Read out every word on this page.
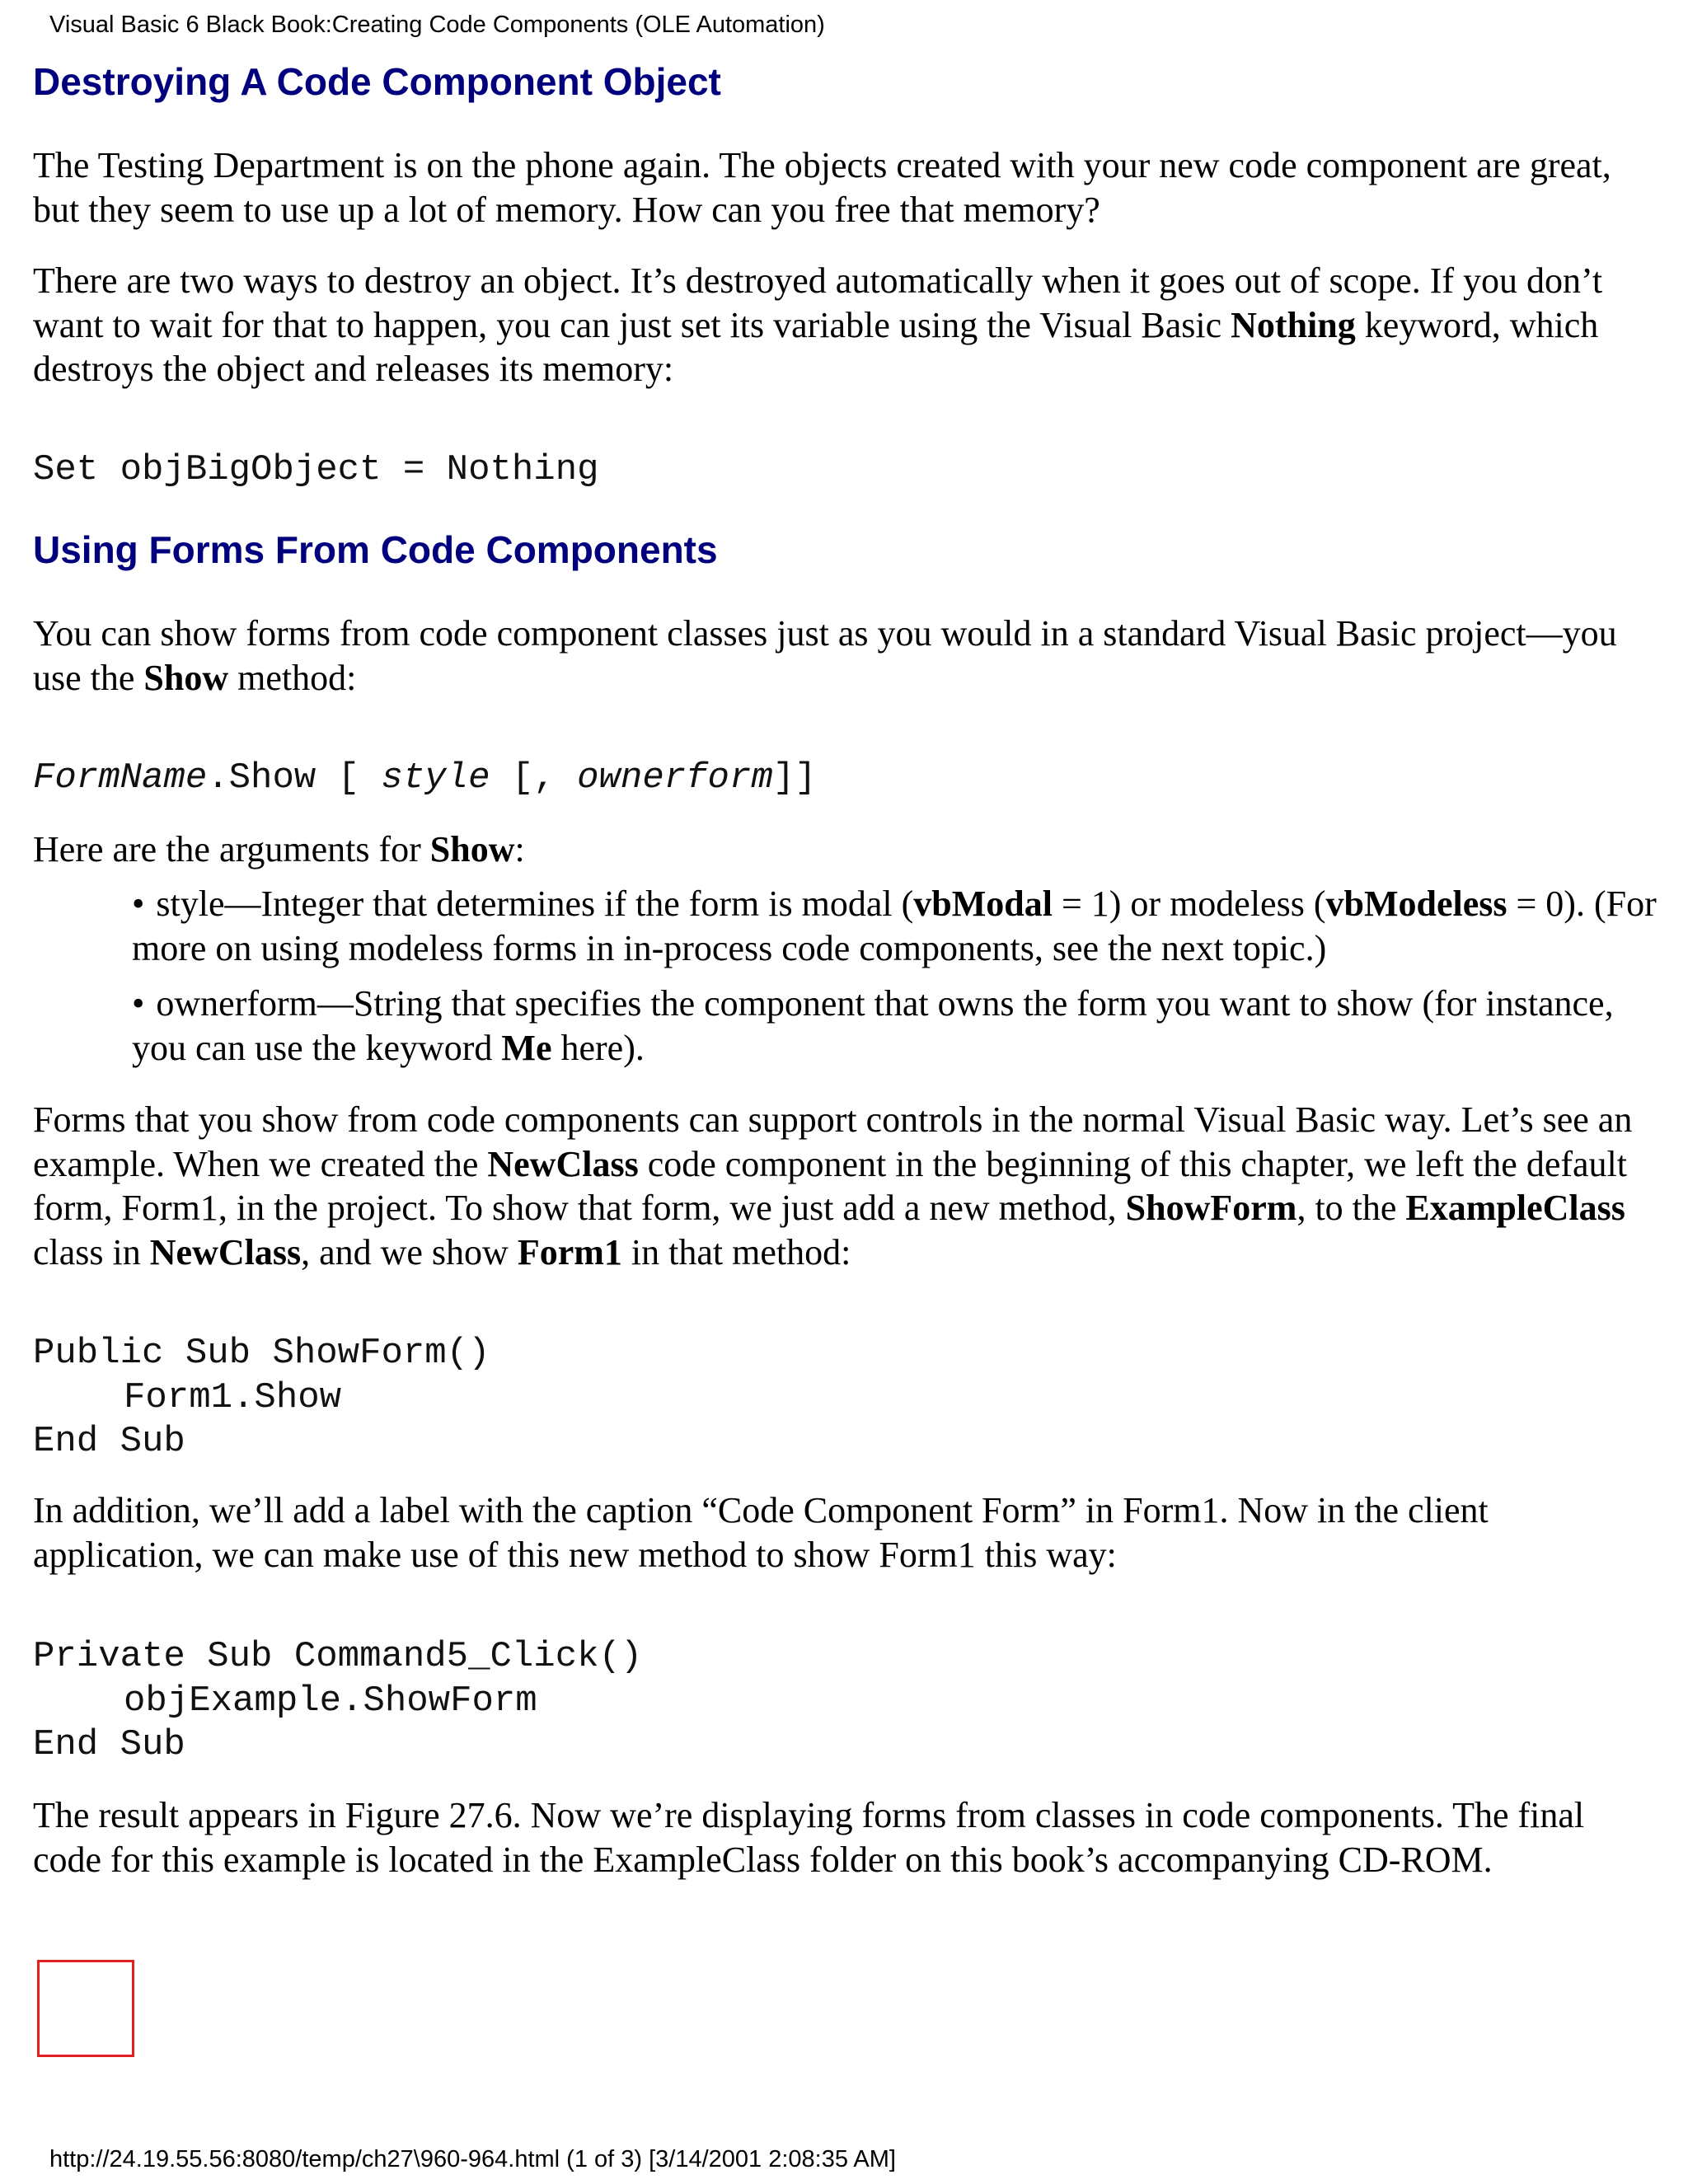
Visual Basic 6 Black Book:Creating Code Components (OLE Automation)
Destroying A Code Component Object

The Testing Department is on the phone again. The objects created with your new code component are great, but they seem to use up a lot of memory. How can you free that memory?

There are two ways to destroy an object. It’s destroyed automatically when it goes out of scope. If you don’t want to wait for that to happen, you can just set its variable using the Visual Basic Nothing keyword, which destroys the object and releases its memory:

Set objBigObject = Nothing
Using Forms From Code Components

You can show forms from code component classes just as you would in a standard Visual Basic project—you use the Show method:

FormName.Show [ style [, ownerform]]

Here are the arguments for Show:

• style—Integer that determines if the form is modal (vbModal = 1) or modeless (vbModeless = 0). (For more on using modeless forms in in-process code components, see the next topic.)
• ownerform—String that specifies the component that owns the form you want to show (for instance, you can use the keyword Me here).

Forms that you show from code components can support controls in the normal Visual Basic way. Let’s see an example. When we created the NewClass code component in the beginning of this chapter, we left the default form, Form1, in the project. To show that form, we just add a new method, ShowForm, to the ExampleClass class in NewClass, and we show Form1 in that method:

Public Sub ShowForm()
Form1.Show
End Sub

In addition, we’ll add a label with the caption “Code Component Form” in Form1. Now in the client application, we can make use of this new method to show Form1 this way:

Private Sub Command5_Click()
objExample.ShowForm
End Sub

The result appears in Figure 27.6. Now we’re displaying forms from classes in code components. The final code for this example is located in the ExampleClass folder on this book’s accompanying CD-ROM.

http://24.19.55.56:8080/temp/ch27\960-964.html (1 of 3) [3/14/2001 2:08:35 AM]
